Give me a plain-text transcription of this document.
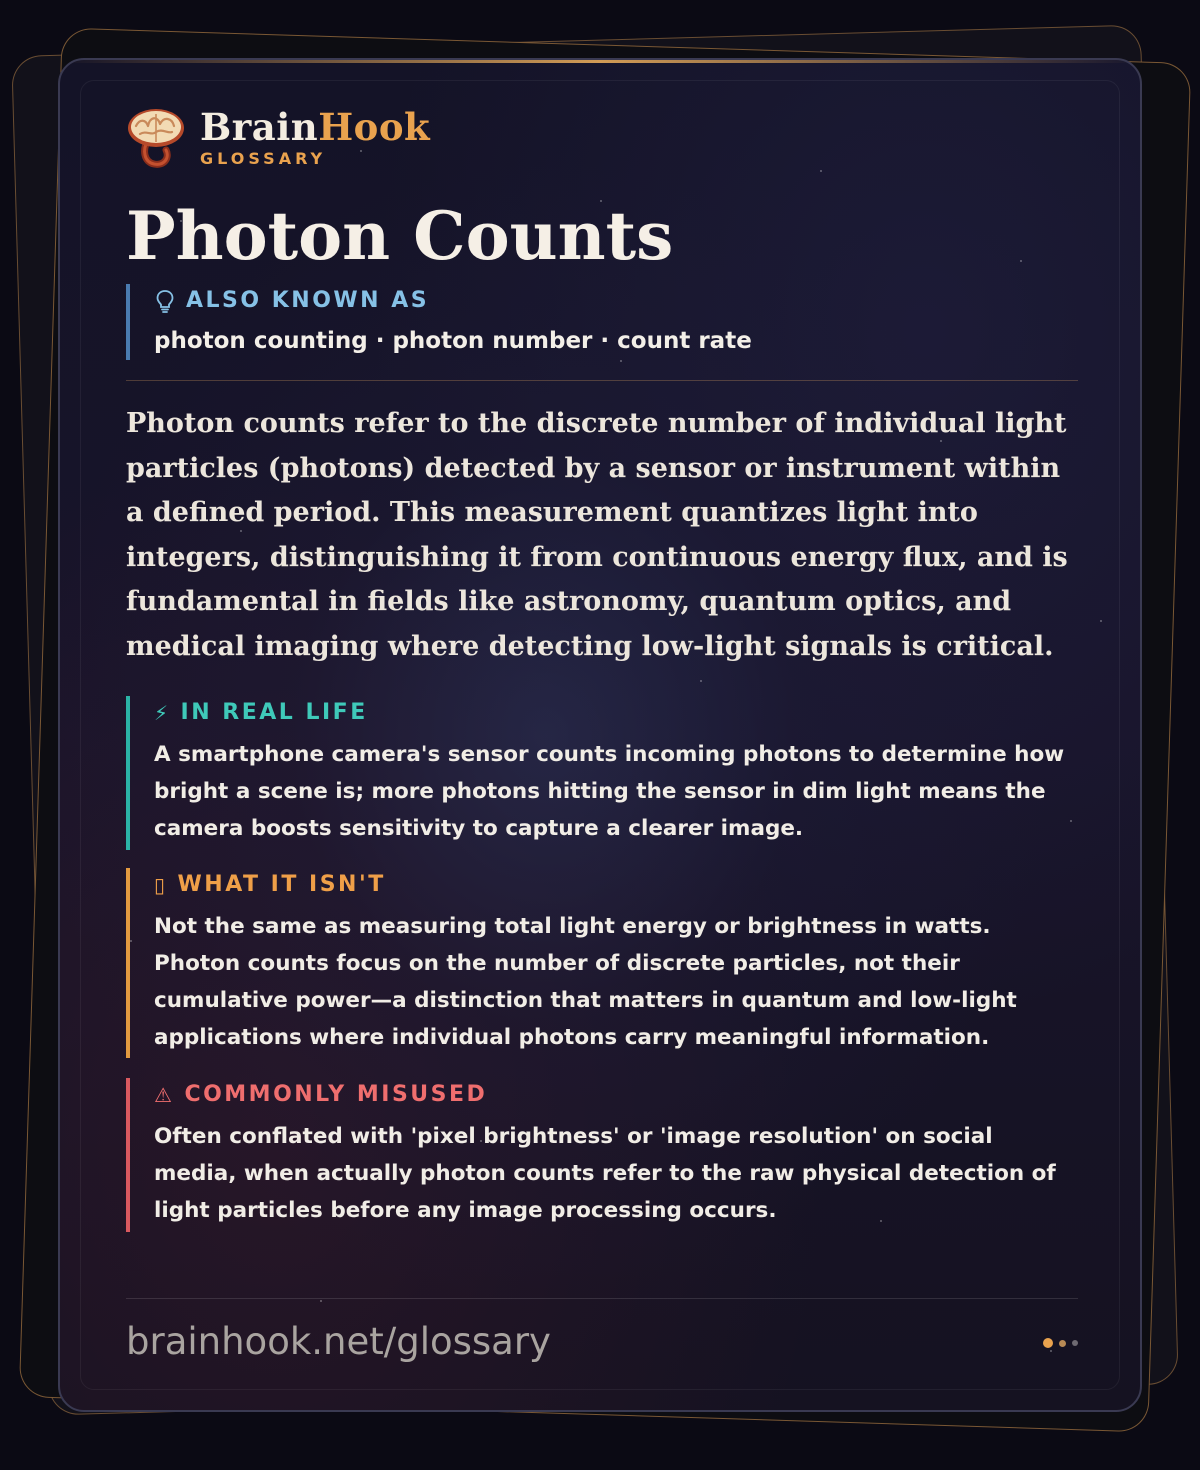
BrainHook
GLOSSARY
Photon Counts
ALSO KNOWN AS
photon counting · photon number · count rate

Photon counts refer to the discrete number of individual light particles (photons) detected by a sensor or instrument within a defined period. This measurement quantizes light into integers, distinguishing it from continuous energy flux, and is fundamental in fields like astronomy, quantum optics, and medical imaging where detecting low-light signals is critical.

⚡ IN REAL LIFE
A smartphone camera's sensor counts incoming photons to determine how bright a scene is; more photons hitting the sensor in dim light means the camera boosts sensitivity to capture a clearer image.
▯ WHAT IT ISN'T
Not the same as measuring total light energy or brightness in watts. Photon counts focus on the number of discrete particles, not their cumulative power—a distinction that matters in quantum and low-light applications where individual photons carry meaningful information.
⚠ COMMONLY MISUSED
Often conflated with 'pixel brightness' or 'image resolution' on social media, when actually photon counts refer to the raw physical detection of light particles before any image processing occurs.
brainhook.net/glossary
